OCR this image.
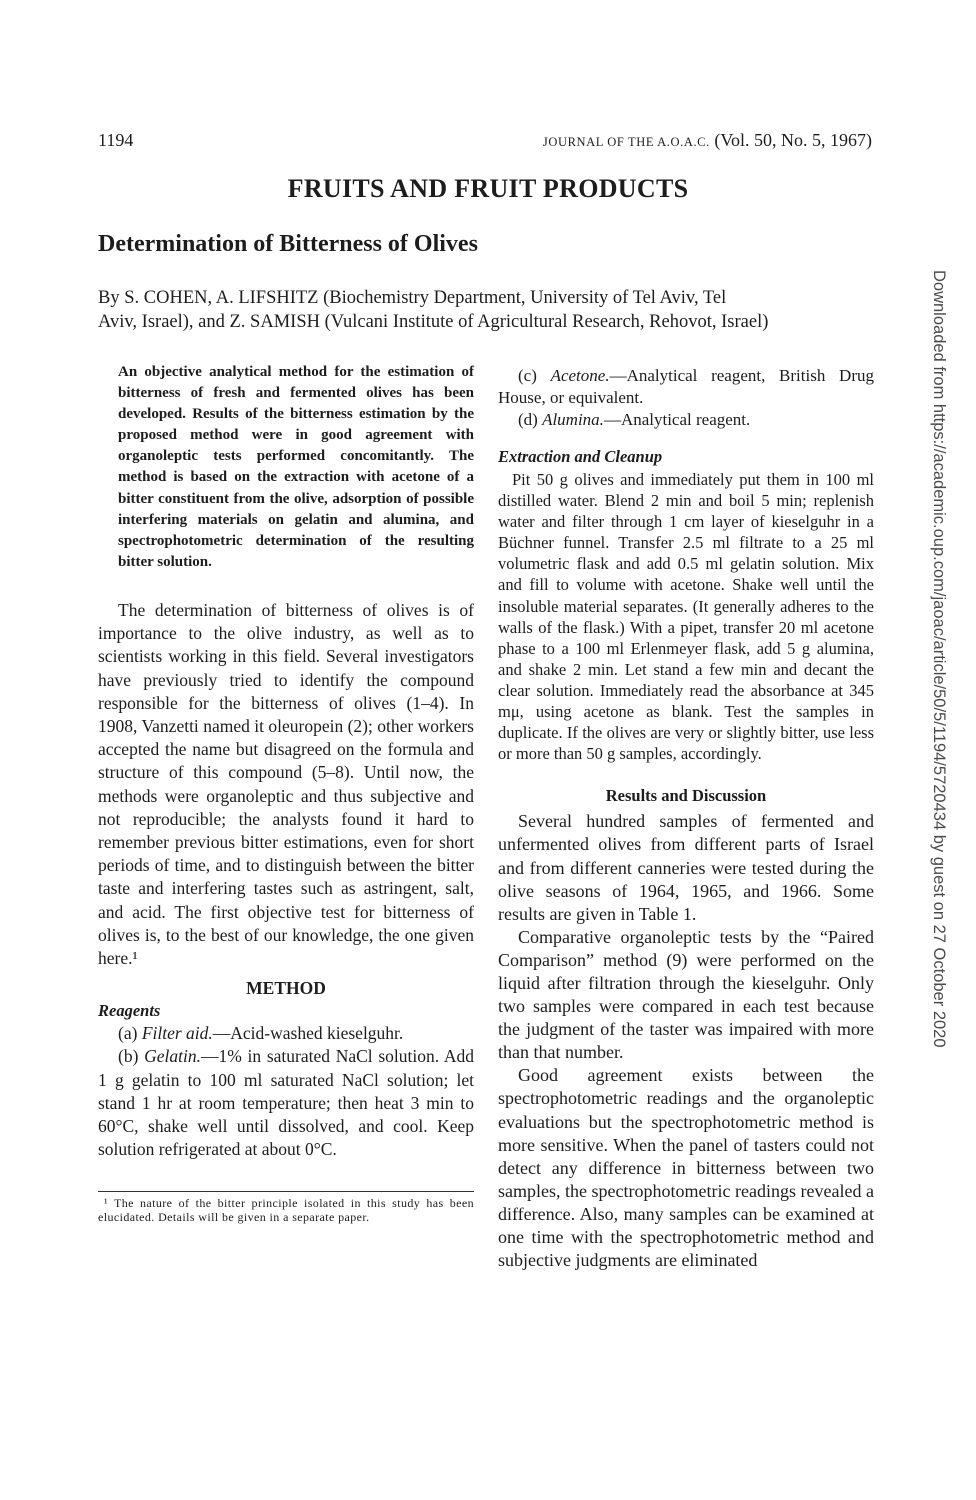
1194	JOURNAL OF THE A.O.A.C. (Vol. 50, No. 5, 1967)
FRUITS AND FRUIT PRODUCTS
Determination of Bitterness of Olives

By S. COHEN, A. LIFSHITZ (Biochemistry Department, University of Tel Aviv, Tel

Aviv, Israel), and Z. SAMISH (Vulcani Institute of Agricultural Research, Rehovot, Israel)	Downloaded from https://academic.oup.com/jaoac/article/50/5/1194/5720434 by guest on 27 October 2020

An objective analytical method for the estimation of bitterness of fresh and fermented olives has been developed. Results of the bitterness estimation by the proposed method were in good agreement with organoleptic tests performed concomitantly. The method is based on the extraction with acetone of a bitter constituent from the olive, adsorption of possible interfering materials on gelatin and alumina, and spectrophotometric determination of the resulting bitter solution.

The determination of bitterness of olives is of importance to the olive industry, as well as to scientists working in this field. Several investigators have previously tried to identify the compound responsible for the bitterness of olives (1–4). In 1908, Vanzetti named it oleuropein (2); other workers accepted the name but disagreed on the formula and structure of this compound (5–8). Until now, the methods were organoleptic and thus subjective and not reproducible; the analysts found it hard to remember previous bitter estimations, even for short periods of time, and to distinguish between the bitter taste and interfering tastes such as astringent, salt, and acid. The first objective test for bitterness of olives is, to the best of our knowledge, the one given here.¹

METHOD
Reagents

(a) Filter aid.—Acid-washed kieselguhr.

(b) Gelatin.—1% in saturated NaCl solution. Add 1 g gelatin to 100 ml saturated NaCl solution; let stand 1 hr at room temperature; then heat 3 min to 60°C, shake well until dissolved, and cool. Keep solution refrigerated at about 0°C.

¹ The nature of the bitter principle isolated in this study has been elucidated. Details will be given in a separate paper.

(c) Acetone.—Analytical reagent, British Drug House, or equivalent.

(d) Alumina.—Analytical reagent.

Extraction and Cleanup

Pit 50 g olives and immediately put them in 100 ml distilled water. Blend 2 min and boil 5 min; replenish water and filter through 1 cm layer of kieselguhr in a Büchner funnel. Transfer 2.5 ml filtrate to a 25 ml volumetric flask and add 0.5 ml gelatin solution. Mix and fill to volume with acetone. Shake well until the insoluble material separates. (It generally adheres to the walls of the flask.) With a pipet, transfer 20 ml acetone phase to a 100 ml Erlenmeyer flask, add 5 g alumina, and shake 2 min. Let stand a few min and decant the clear solution. Immediately read the absorbance at 345 mμ, using acetone as blank. Test the samples in duplicate. If the olives are very or slightly bitter, use less or more than 50 g samples, accordingly.

Results and Discussion

Several hundred samples of fermented and unfermented olives from different parts of Israel and from different canneries were tested during the olive seasons of 1964, 1965, and 1966. Some results are given in Table 1.

Comparative organoleptic tests by the “Paired Comparison” method (9) were performed on the liquid after filtration through the kieselguhr. Only two samples were compared in each test because the judgment of the taster was impaired with more than that number.

Good agreement exists between the spectrophotometric readings and the organoleptic evaluations but the spectrophotometric method is more sensitive. When the panel of tasters could not detect any difference in bitterness between two samples, the spectrophotometric readings revealed a difference. Also, many samples can be examined at one time with the spectrophotometric method and subjective judgments are eliminated
